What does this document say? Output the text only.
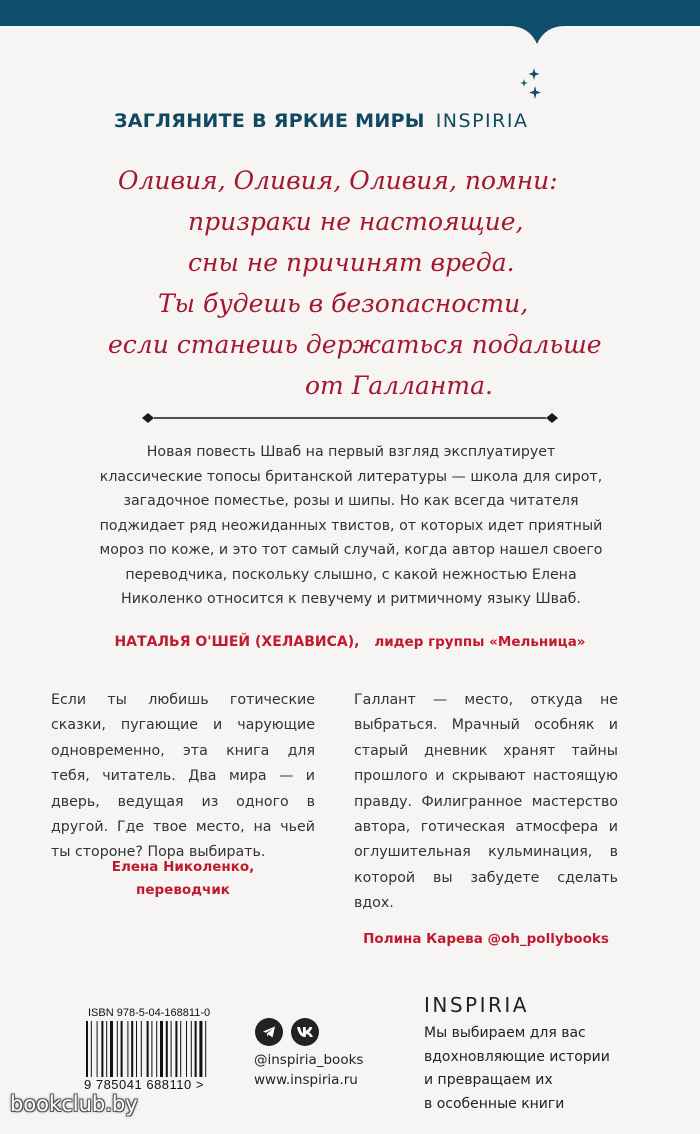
ЗАГЛЯНИТЕ В ЯРКИЕ МИРЫ INSPIRIA
Оливия, Оливия, Оливия, помни:
призраки не настоящие,
сны не причинят вреда.
Ты будешь в безопасности,
если станешь держаться подальше
от Галланта.
Новая повесть Шваб на первый взгляд эксплуатирует классические топосы британской литературы — школа для сирот, загадочное поместье, розы и шипы. Но как всегда читателя поджидает ряд неожиданных твистов, от которых идет приятный мороз по коже, и это тот самый случай, когда автор нашел своего переводчика, поскольку слышно, с какой нежностью Елена Николенко относится к певучему и ритмичному языку Шваб.
НАТАЛЬЯ О'ШЕЙ (ХЕЛАВИСА), лидер группы «Мельница»
Если ты любишь готические сказки, пугающие и чарующие одновременно, эта книга для тебя, читатель. Два мира — и дверь, ведущая из одного в другой. Где твое место, на чьей ты стороне? Пора выбирать.
Елена Николенко,
переводчик
Галлант — место, откуда не выбраться. Мрачный особняк и старый дневник хранят тайны прошлого и скрывают настоящую правду. Филигранное мастерство автора, готическая атмосфера и оглушительная кульминация, в которой вы забудете сделать вдох.
Полина Карева @oh_pollybooks
ISBN 978-5-04-168811-0
9 785041 688110 >
@inspiria_books
www.inspiria.ru
INSPIRIA
Мы выбираем для вас
вдохновляющие истории
и превращаем их
в особенные книги
bookclub.by
